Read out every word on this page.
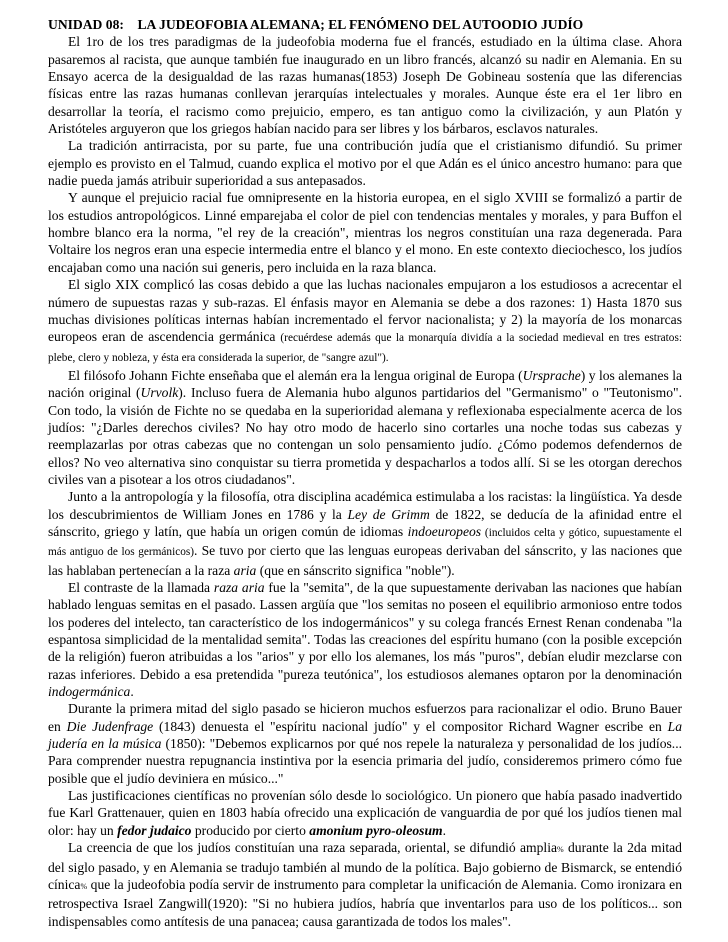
UNIDAD 08:    LA JUDEOFOBIA ALEMANA; EL FENÓMENO DEL AUTOODIO JUDÍO

El 1ro de los tres paradigmas de la judeofobia moderna fue el francés, estudiado en la última clase. Ahora pasaremos al racista, que aunque también fue inaugurado en un libro francés, alcanzó su nadir en Alemania. En su Ensayo acerca de la desigualdad de las razas humanas(1853) Joseph De Gobineau sostenía que las diferencias físicas entre las razas humanas conllevan jerarquías intelectuales y morales. Aunque éste era el 1er libro en desarrollar la teoría, el racismo como prejuicio, empero, es tan antiguo como la civilización, y aun Platón y Aristóteles arguyeron que los griegos habían nacido para ser libres y los bárbaros, esclavos naturales.

La tradición antirracista, por su parte, fue una contribución judía que el cristianismo difundió. Su primer ejemplo es provisto en el Talmud, cuando explica el motivo por el que Adán es el único ancestro humano: para que nadie pueda jamás atribuir superioridad a sus antepasados.

Y aunque el prejuicio racial fue omnipresente en la historia europea, en el siglo XVIII se formalizó a partir de los estudios antropológicos. Linné emparejaba el color de piel con tendencias mentales y morales, y para Buffon el hombre blanco era la norma, "el rey de la creación", mientras los negros constituían una raza degenerada. Para Voltaire los negros eran una especie intermedia entre el blanco y el mono. En este contexto dieciochesco, los judíos encajaban como una nación sui generis, pero incluida en la raza blanca.

El siglo XIX complicó las cosas debido a que las luchas nacionales empujaron a los estudiosos a acrecentar el número de supuestas razas y sub-razas. El énfasis mayor en Alemania se debe a dos razones: 1) Hasta 1870 sus muchas divisiones políticas internas habían incrementado el fervor nacionalista; y 2) la mayoría de los monarcas europeos eran de ascendencia germánica (recuérdese además que la monarquía dividía a la sociedad medieval en tres estratos: plebe, clero y nobleza, y ésta era considerada la superior, de "sangre azul").

El filósofo Johann Fichte enseñaba que el alemán era la lengua original de Europa (Ursprache) y los alemanes la nación original (Urvolk). Incluso fuera de Alemania hubo algunos partidarios del "Germanismo" o "Teutonismo". Con todo, la visión de Fichte no se quedaba en la superioridad alemana y reflexionaba especialmente acerca de los judíos: "¿Darles derechos civiles? No hay otro modo de hacerlo sino cortarles una noche todas sus cabezas y reemplazarlas por otras cabezas que no contengan un solo pensamiento judío. ¿Cómo podemos defendernos de ellos? No veo alternativa sino conquistar su tierra prometida y despacharlos a todos allí. Si se les otorgan derechos civiles van a pisotear a los otros ciudadanos".

Junto a la antropología y la filosofía, otra disciplina académica estimulaba a los racistas: la lingüística. Ya desde los descubrimientos de William Jones en 1786 y la Ley de Grimm de 1822, se deducía de la afinidad entre el sánscrito, griego y latín, que había un origen común de idiomas indoeuropeos (incluidos celta y gótico, supuestamente el más antiguo de los germánicos). Se tuvo por cierto que las lenguas europeas derivaban del sánscrito, y las naciones que las hablaban pertenecían a la raza aria (que en sánscrito significa "noble").

El contraste de la llamada raza aria fue la "semita", de la que supuestamente derivaban las naciones que habían hablado lenguas semitas en el pasado. Lassen argüía que "los semitas no poseen el equilibrio armonioso entre todos los poderes del intelecto, tan característico de los indogermánicos" y su colega francés Ernest Renan condenaba "la espantosa simplicidad de la mentalidad semita". Todas las creaciones del espíritu humano (con la posible excepción de la religión) fueron atribuidas a los "arios" y por ello los alemanes, los más "puros", debían eludir mezclarse con razas inferiores. Debido a esa pretendida "pureza teutónica", los estudiosos alemanes optaron por la denominación indogermánica.

Durante la primera mitad del siglo pasado se hicieron muchos esfuerzos para racionalizar el odio. Bruno Bauer en Die Judenfrage (1843) denuesta el "espíritu nacional judío" y el compositor Richard Wagner escribe en La judería en la música (1850): "Debemos explicarnos por qué nos repele la naturaleza y personalidad de los judíos... Para comprender nuestra repugnancia instintiva por la esencia primaria del judío, consideremos primero cómo fue posible que el judío deviniera en músico..."

Las justificaciones científicas no provenían sólo desde lo sociológico. Un pionero que había pasado inadvertido fue Karl Grattenauer, quien en 1803 había ofrecido una explicación de vanguardia de por qué los judíos tienen mal olor: hay un fedor judaico producido por cierto amonium pyro-oleosum.

La creencia de que los judíos constituían una raza separada, oriental, se difundió amplia% durante la 2da mitad del siglo pasado, y en Alemania se tradujo también al mundo de la política. Bajo gobierno de Bismarck, se entendió cínica% que la judeofobia podía servir de instrumento para completar la unificación de Alemania. Como ironizara en retrospectiva Israel Zangwill(1920): "Si no hubiera judíos, habría que inventarlos para uso de los políticos... son indispensables como antítesis de una panacea; causa garantizada de todos los males".
